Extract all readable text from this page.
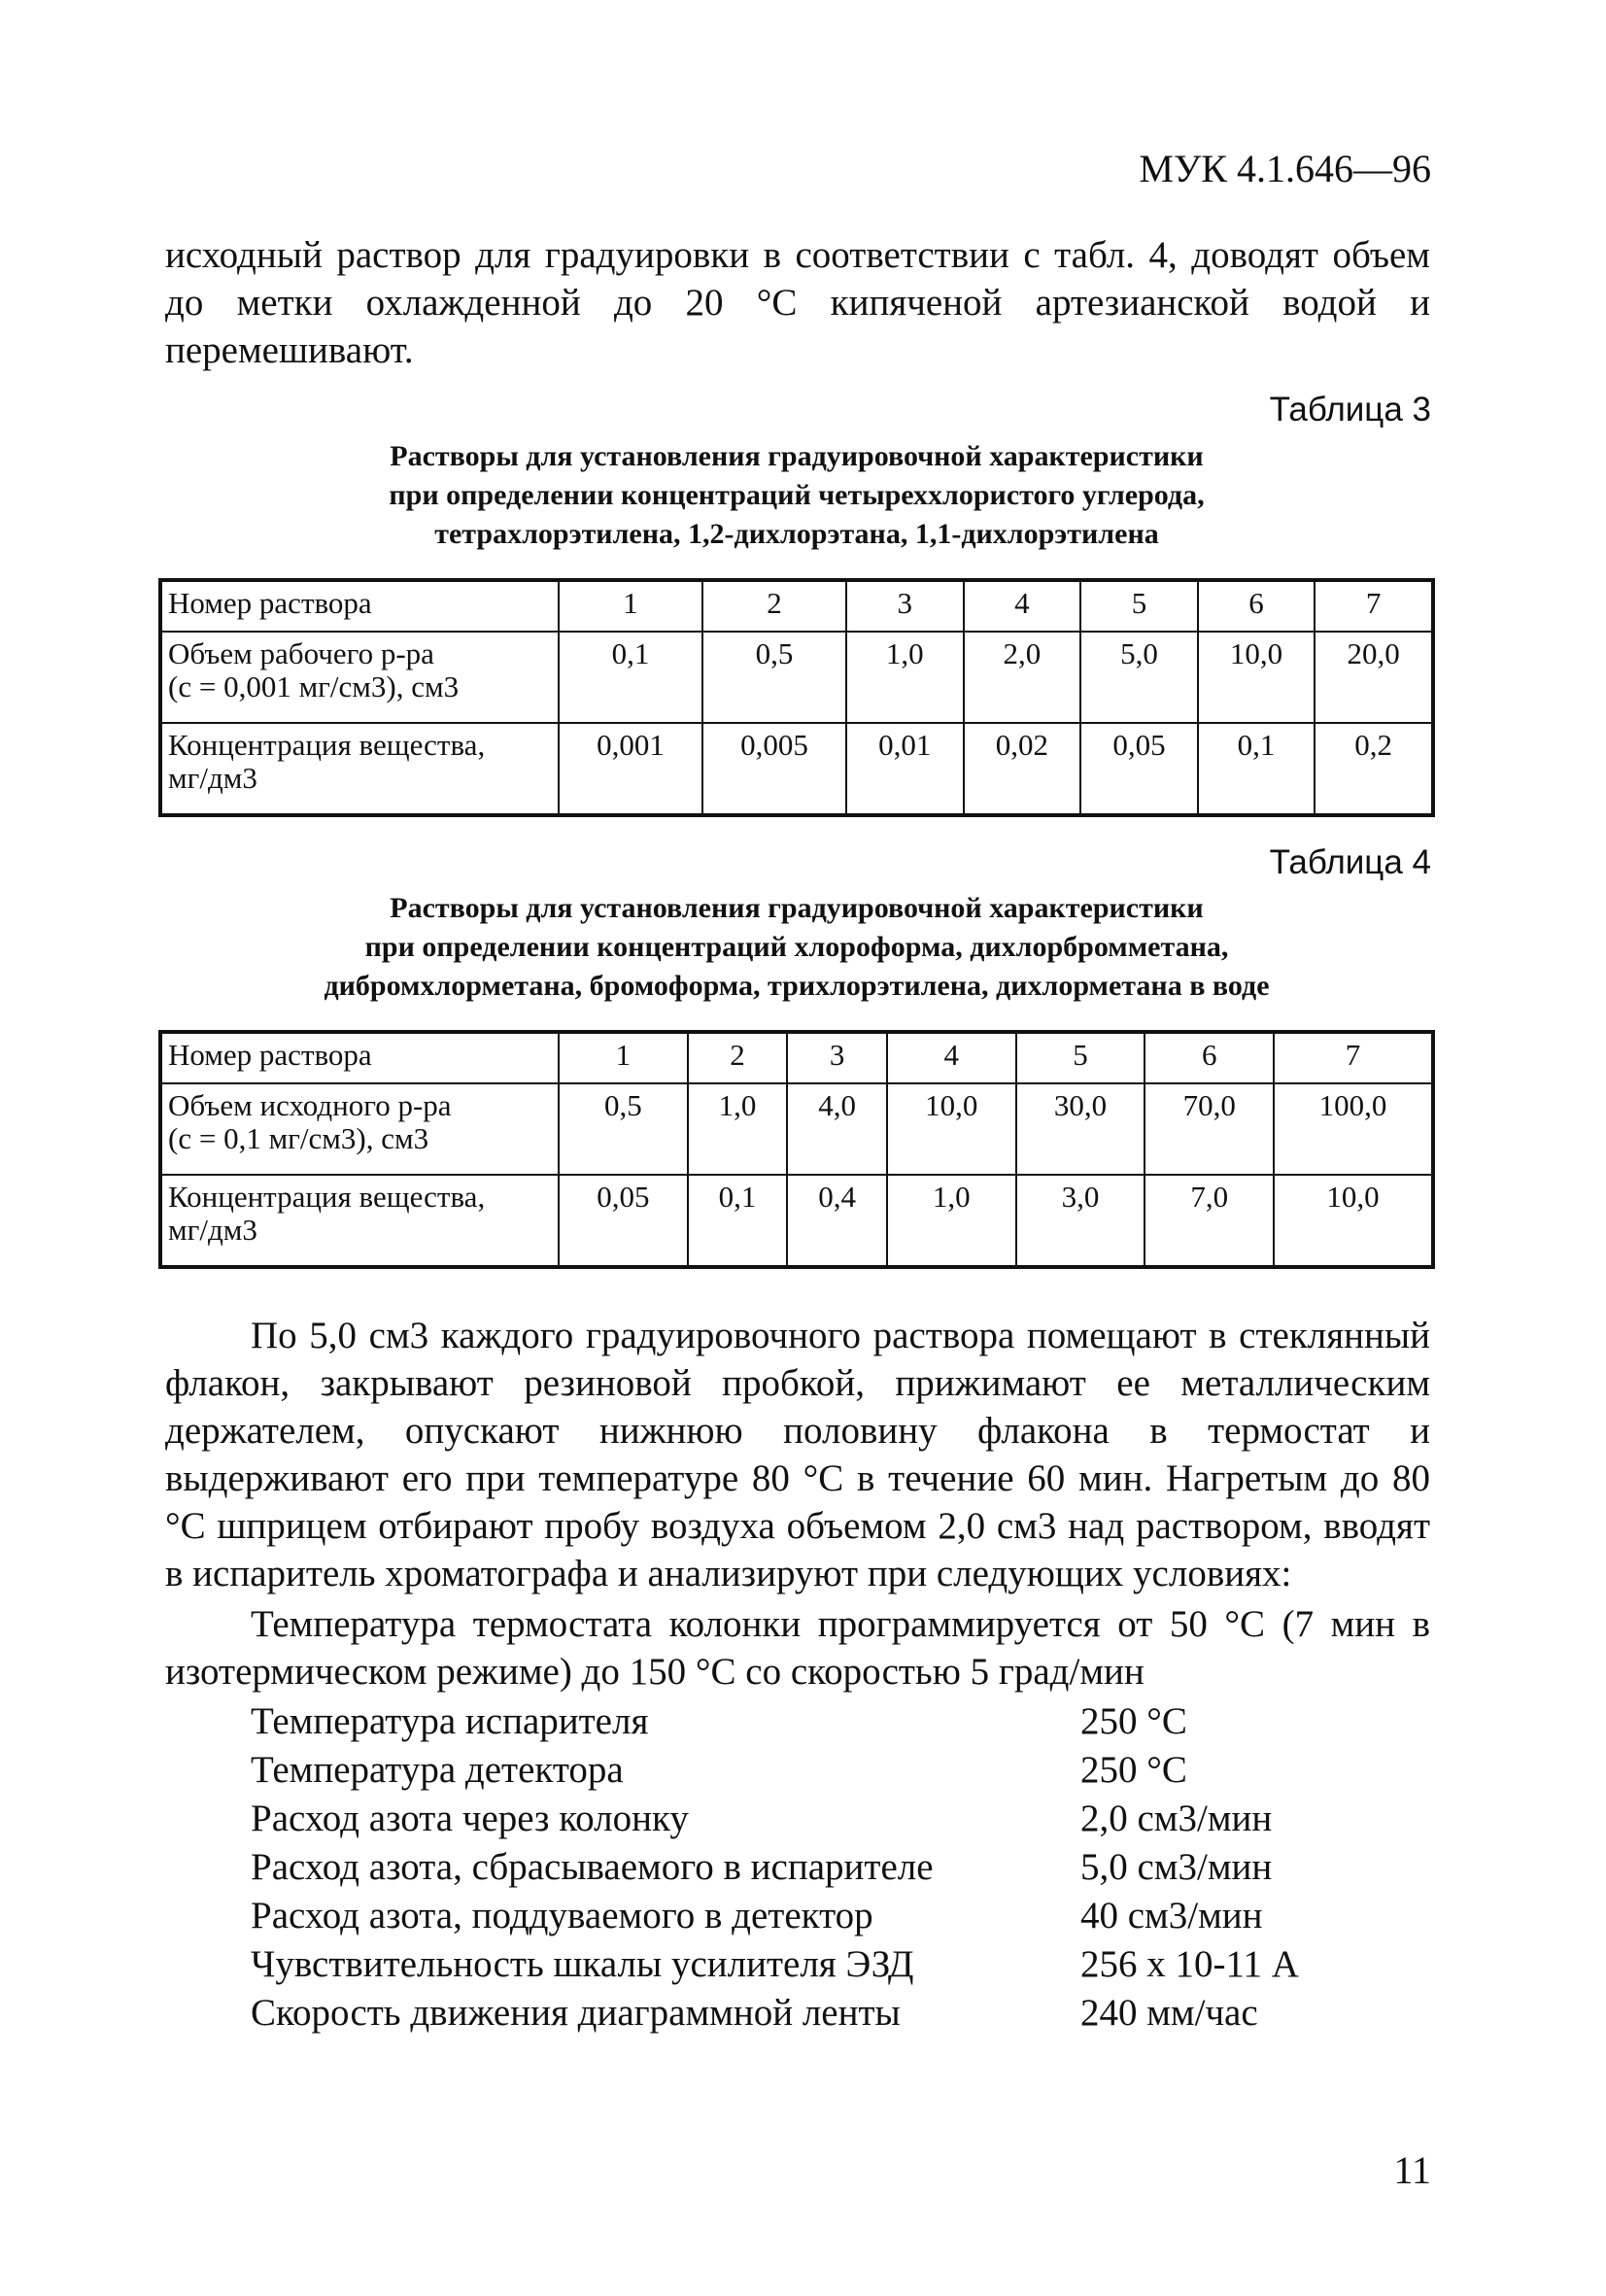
МУК 4.1.646—96
исходный раствор для градуировки в соответствии с табл. 4, доводят объем до метки охлажденной до 20 °С кипяченой артезианской водой и перемешивают.
Таблица 3
Растворы для установления градуировочной характеристики
при определении концентраций четыреххлористого углерода,
тетрахлорэтилена, 1,2-дихлорэтана, 1,1-дихлорэтилена
Номер раствора	1	2	3	4	5	6	7

Объем рабочего р-ра
(с = 0,001 мг/см3), см3	0,1	0,5	1,0	2,0	5,0	10,0	20,0

Концентрация вещества,
мг/дм3	0,001	0,005	0,01	0,02	0,05	0,1	0,2
Таблица 4
Растворы для установления градуировочной характеристики
при определении концентраций хлороформа, дихлорбромметана,
дибромхлорметана, бромоформа, трихлорэтилена, дихлорметана в воде
Номер раствора	1	2	3	4	5	6	7

Объем исходного р-ра
(с = 0,1 мг/см3), см3	0,5	1,0	4,0	10,0	30,0	70,0	100,0

Концентрация вещества,
мг/дм3	0,05	0,1	0,4	1,0	3,0	7,0	10,0
По 5,0 см3 каждого градуировочного раствора помещают в стеклянный флакон, закрывают резиновой пробкой, прижимают ее металлическим держателем, опускают нижнюю половину флакона в термостат и выдерживают его при температуре 80 °С в течение 60 мин. Нагретым до 80 °С шприцем отбирают пробу воздуха объемом 2,0 см3 над раствором, вводят в испаритель хроматографа и анализируют при следующих условиях:
Температура термостата колонки программируется от 50 °С (7 мин в изотермическом режиме) до 150 °С со скоростью 5 град/мин
Температура испарителя	250 °С
Температура детектора	250 °С
Расход азота через колонку	2,0 см3/мин
Расход азота, сбрасываемого в испарителе	5,0 см3/мин
Расход азота, поддуваемого в детектор	40 см3/мин
Чувствительность шкалы усилителя ЭЗД	256 x 10-11 А
Скорость движения диаграммной ленты	240 мм/час
11
